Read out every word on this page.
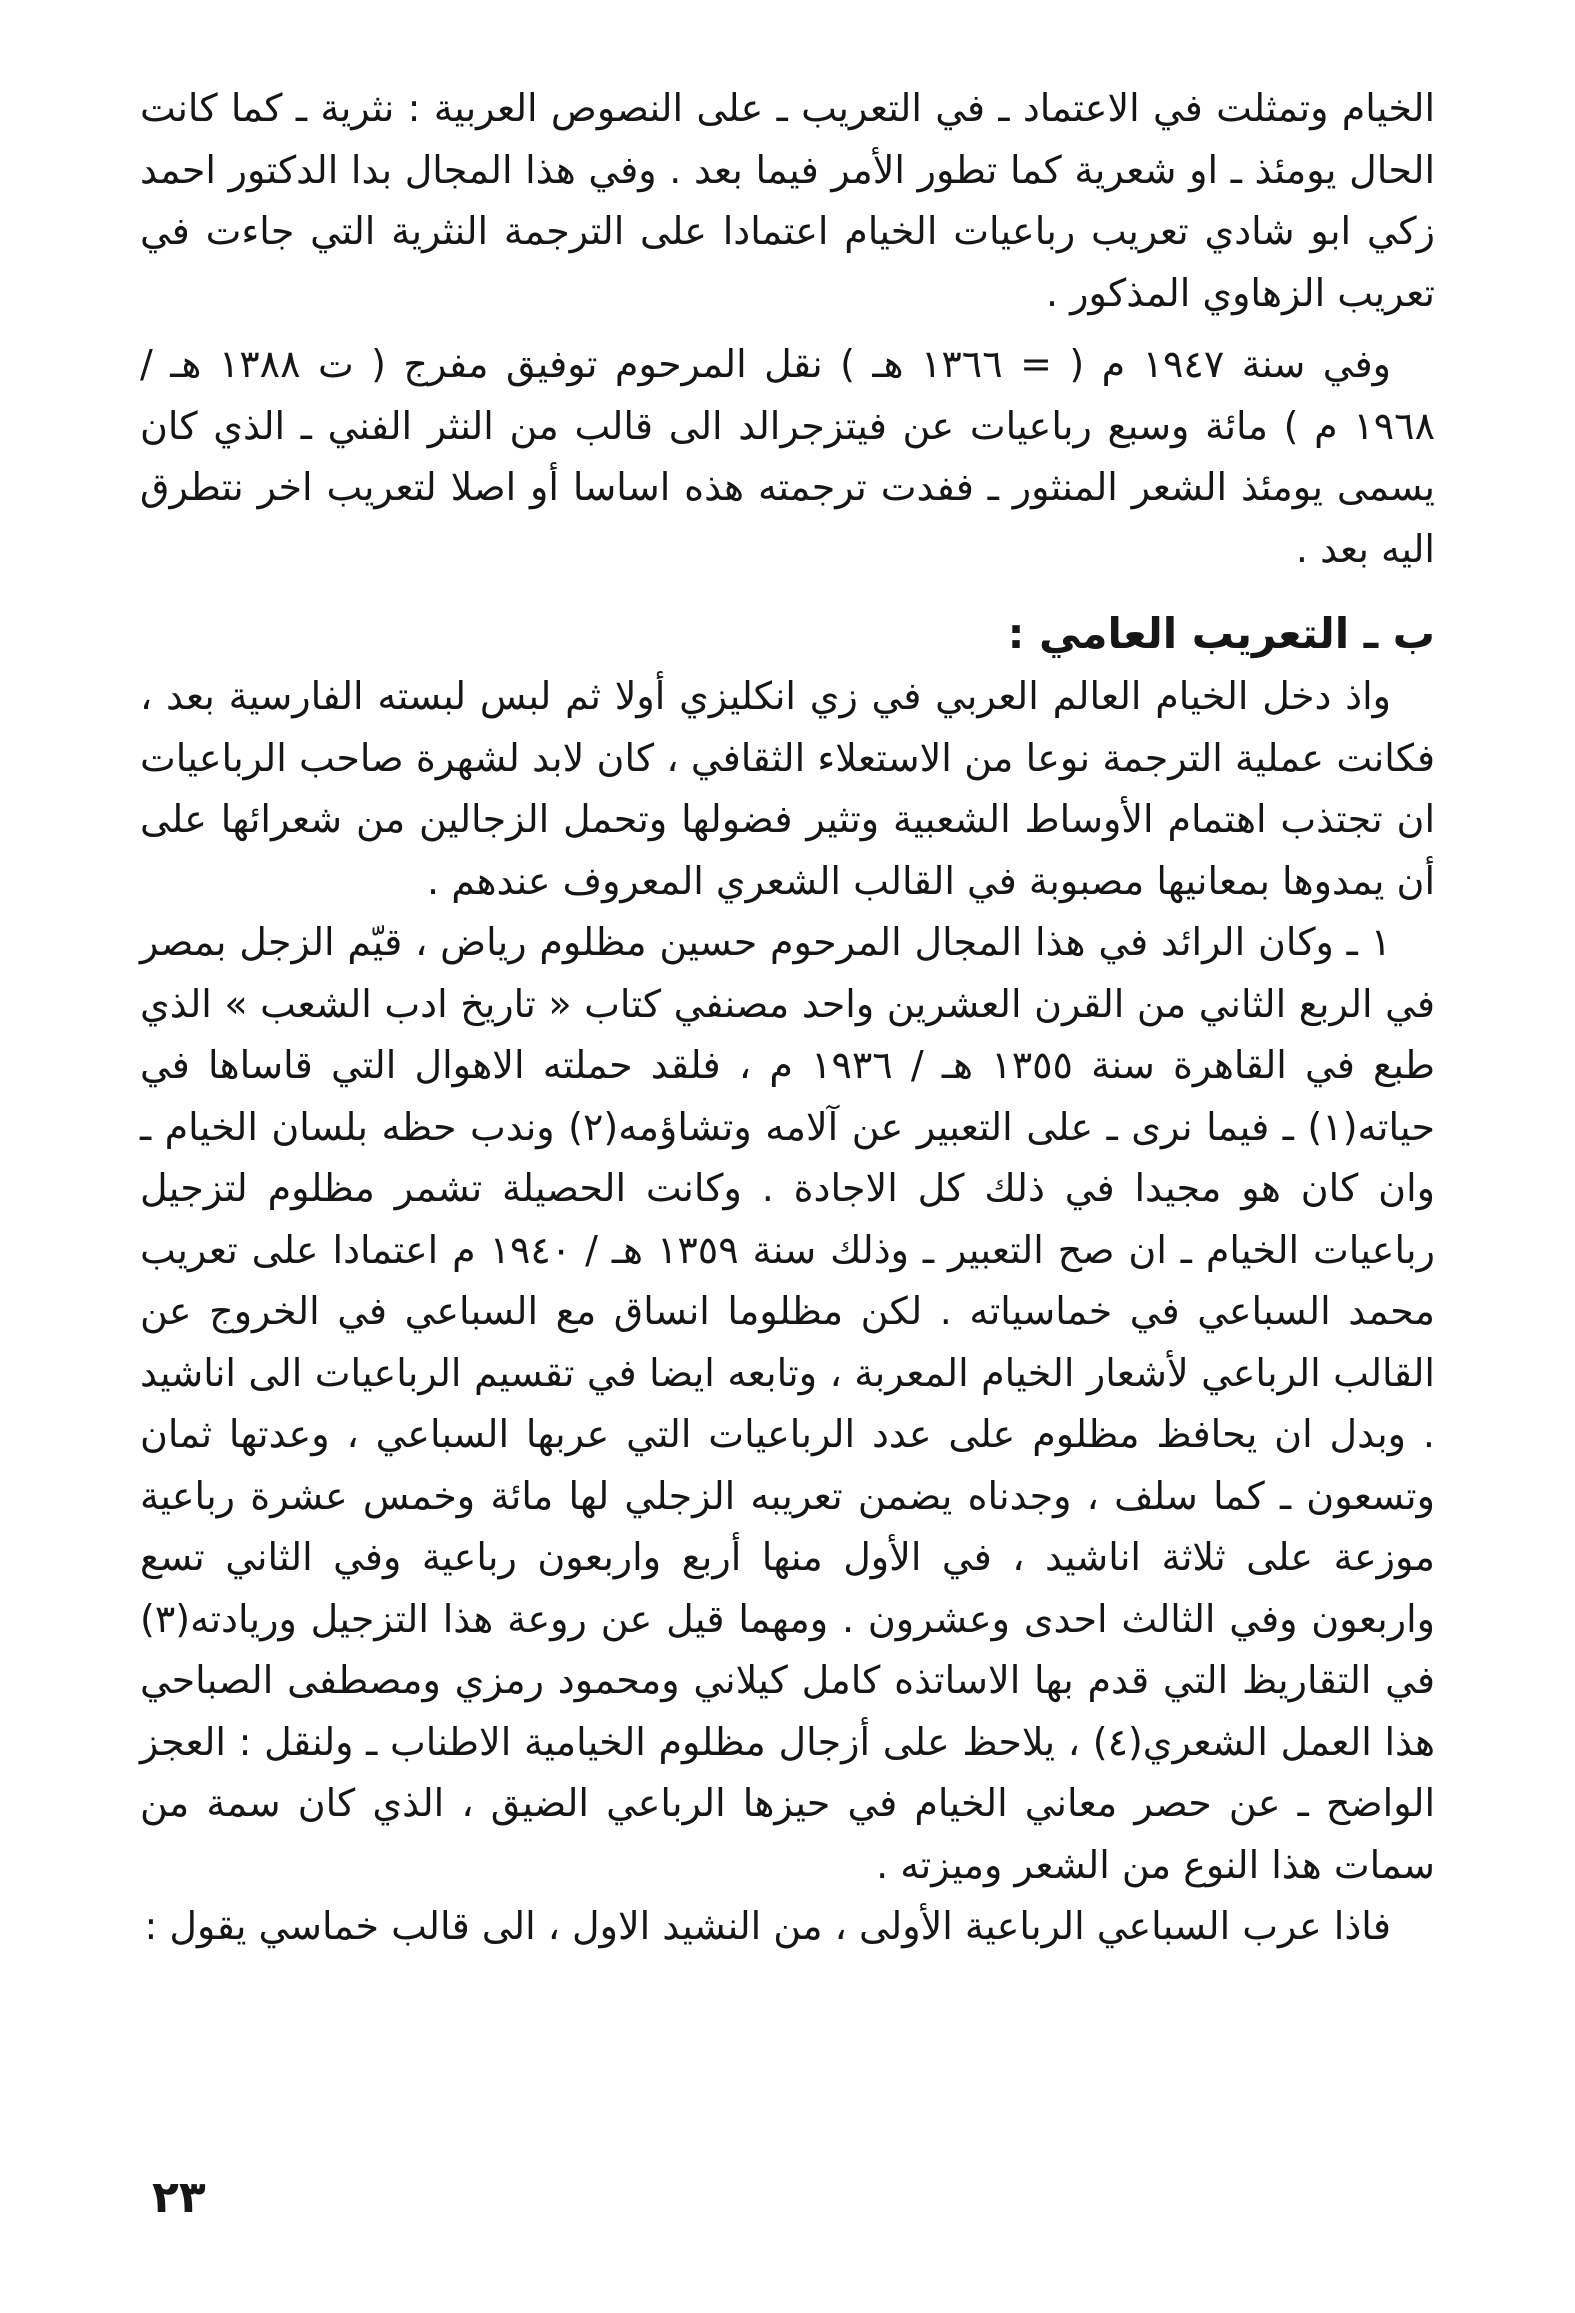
الخيام وتمثلت في الاعتماد ـ في التعريب ـ على النصوص العربية : نثرية ـ كما كانت الحال يومئذ ـ او شعرية كما تطور الأمر فيما بعد . وفي هذا المجال بدا الدكتور احمد زكي ابو شادي تعريب رباعيات الخيام اعتمادا على الترجمة النثرية التي جاءت في تعريب الزهاوي المذكور .

وفي سنة ١٩٤٧ م ( = ١٣٦٦ هـ ) نقل المرحوم توفيق مفرج ( ت ١٣٨٨ هـ / ١٩٦٨ م ) مائة وسبع رباعيات عن فيتزجرالد الى قالب من النثر الفني ـ الذي كان يسمى يومئذ الشعر المنثور ـ ففدت ترجمته هذه اساسا أو اصلا لتعريب اخر نتطرق اليه بعد .

ب ـ التعريب العامي :

واذ دخل الخيام العالم العربي في زي انكليزي أولا ثم لبس لبسته الفارسية بعد ، فكانت عملية الترجمة نوعا من الاستعلاء الثقافي ، كان لابد لشهرة صاحب الرباعيات ان تجتذب اهتمام الأوساط الشعبية وتثير فضولها وتحمل الزجالين من شعرائها على أن يمدوها بمعانيها مصبوبة في القالب الشعري المعروف عندهم .

١ ـ وكان الرائد في هذا المجال المرحوم حسين مظلوم رياض ، قيّم الزجل بمصر في الربع الثاني من القرن العشرين واحد مصنفي كتاب « تاريخ ادب الشعب » الذي طبع في القاهرة سنة ١٣٥٥ هـ / ١٩٣٦ م ، فلقد حملته الاهوال التي قاساها في حياته(١) ـ فيما نرى ـ على التعبير عن آلامه وتشاؤمه(٢) وندب حظه بلسان الخيام ـ وان كان هو مجيدا في ذلك كل الاجادة . وكانت الحصيلة تشمر مظلوم لتزجيل رباعيات الخيام ـ ان صح التعبير ـ وذلك سنة ١٣٥٩ هـ / ١٩٤٠ م اعتمادا على تعريب محمد السباعي في خماسياته . لكن مظلوما انساق مع السباعي في الخروج عن القالب الرباعي لأشعار الخيام المعربة ، وتابعه ايضا في تقسيم الرباعيات الى اناشيد . وبدل ان يحافظ مظلوم على عدد الرباعيات التي عربها السباعي ، وعدتها ثمان وتسعون ـ كما سلف ، وجدناه يضمن تعريبه الزجلي لها مائة وخمس عشرة رباعية موزعة على ثلاثة اناشيد ، في الأول منها أربع واربعون رباعية وفي الثاني تسع واربعون وفي الثالث احدى وعشرون . ومهما قيل عن روعة هذا التزجيل وريادته(٣) في التقاريظ التي قدم بها الاساتذه كامل كيلاني ومحمود رمزي ومصطفى الصباحي هذا العمل الشعري(٤) ، يلاحظ على أزجال مظلوم الخيامية الاطناب ـ ولنقل : العجز الواضح ـ عن حصر معاني الخيام في حيزها الرباعي الضيق ، الذي كان سمة من سمات هذا النوع من الشعر وميزته .

فاذا عرب السباعي الرباعية الأولى ، من النشيد الاول ، الى قالب خماسي يقول :

٢٣
